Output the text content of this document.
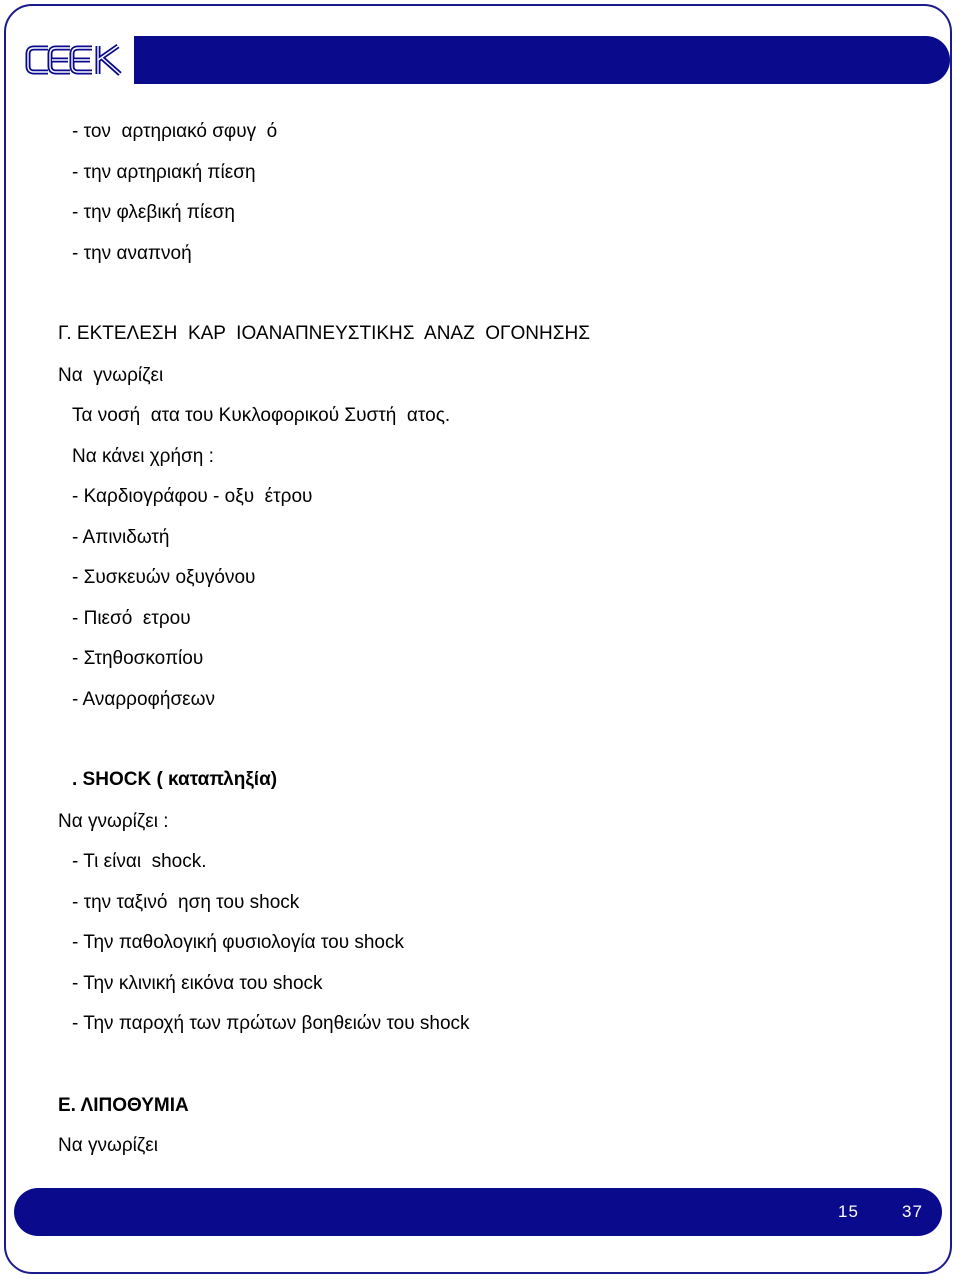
- τον  αρτηριακό σφυγ  ό
- την αρτηριακή πίεση
- την φλεβική πίεση
- την αναπνοή
Γ. ΕΚΤΕΛΕΣΗ  ΚΑΡ  ΙΟΑΝΑΠΝΕΥΣΤΙΚΗΣ  ΑΝΑΖ  ΟΓΟΝΗΣΗΣ
Να  γνωρίζει
Τα νοσή  ατα του Κυκλοφορικού Συστή  ατος.
Να κάνει χρήση :
- Καρδιογράφου - οξυ  έτρου
- Απινιδωτή
- Συσκευών οξυγόνου
- Πιεσό  ετρου
- Στηθοσκοπίου
- Αναρροφήσεων
. SHOCK ( καταπληξία)
Να γνωρίζει :
- Τι είναι  shock.
- την ταξινό  ηση του shock
- Την παθολογική φυσιολογία του shock
- Την κλινική εικόνα του shock
- Την παροχή των πρώτων βοηθειών του shock
Ε. ΛΙΠΟΘΥΜΙΑ
Να γνωρίζει
15	37
